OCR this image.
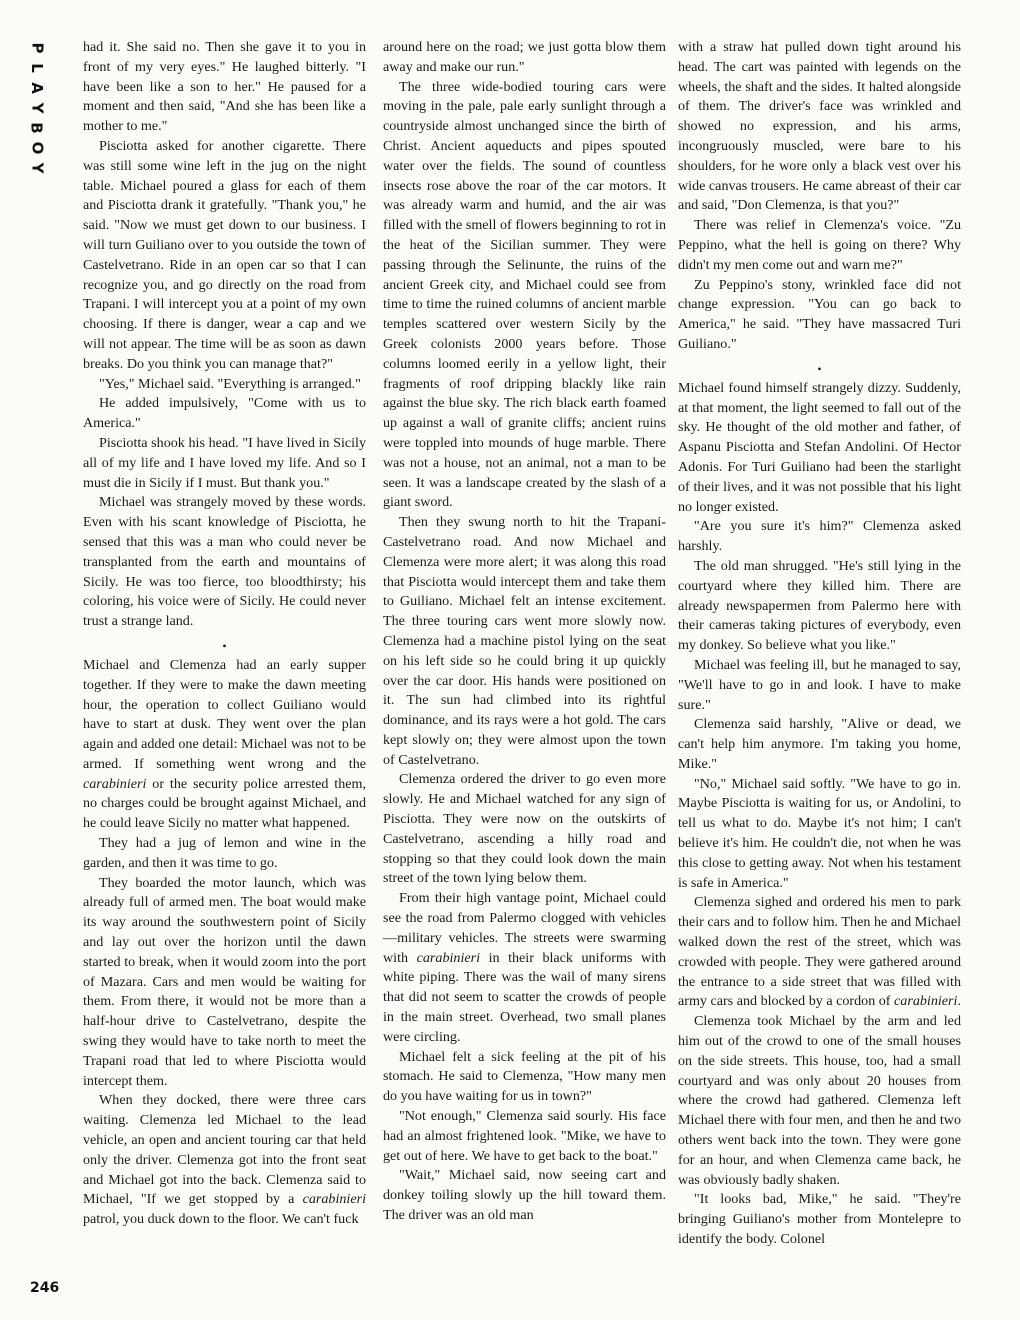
P
L
A
Y
B
O
Y
246

had it. She said no. Then she gave it to you in front of my very eyes." He laughed bitterly. "I have been like a son to her." He paused for a moment and then said, "And she has been like a mother to me."

Pisciotta asked for another cigarette. There was still some wine left in the jug on the night table. Michael poured a glass for each of them and Pisciotta drank it gratefully. "Thank you," he said. "Now we must get down to our business. I will turn Guiliano over to you outside the town of Castelvetrano. Ride in an open car so that I can recognize you, and go directly on the road from Trapani. I will intercept you at a point of my own choosing. If there is danger, wear a cap and we will not appear. The time will be as soon as dawn breaks. Do you think you can manage that?"

"Yes," Michael said. "Everything is arranged."

He added impulsively, "Come with us to America."

Pisciotta shook his head. "I have lived in Sicily all of my life and I have loved my life. And so I must die in Sicily if I must. But thank you."

Michael was strangely moved by these words. Even with his scant knowledge of Pisciotta, he sensed that this was a man who could never be transplanted from the earth and mountains of Sicily. He was too fierce, too bloodthirsty; his coloring, his voice were of Sicily. He could never trust a strange land.

•

Michael and Clemenza had an early supper together. If they were to make the dawn meeting hour, the operation to collect Guiliano would have to start at dusk. They went over the plan again and added one detail: Michael was not to be armed. If something went wrong and the carabinieri or the security police arrested them, no charges could be brought against Michael, and he could leave Sicily no matter what happened.

They had a jug of lemon and wine in the garden, and then it was time to go.

They boarded the motor launch, which was already full of armed men. The boat would make its way around the southwestern point of Sicily and lay out over the horizon until the dawn started to break, when it would zoom into the port of Mazara. Cars and men would be waiting for them. From there, it would not be more than a half-hour drive to Castelvetrano, despite the swing they would have to take north to meet the Trapani road that led to where Pisciotta would intercept them.

When they docked, there were three cars waiting. Clemenza led Michael to the lead vehicle, an open and ancient touring car that held only the driver. Clemenza got into the front seat and Michael got into the back. Clemenza said to Michael, "If we get stopped by a carabinieri patrol, you duck down to the floor. We can't fuck

around here on the road; we just gotta blow them away and make our run."

The three wide-bodied touring cars were moving in the pale, pale early sunlight through a countryside almost unchanged since the birth of Christ. Ancient aqueducts and pipes spouted water over the fields. The sound of countless insects rose above the roar of the car motors. It was already warm and humid, and the air was filled with the smell of flowers beginning to rot in the heat of the Sicilian summer. They were passing through the Selinunte, the ruins of the ancient Greek city, and Michael could see from time to time the ruined columns of ancient marble temples scattered over western Sicily by the Greek colonists 2000 years before. Those columns loomed eerily in a yellow light, their fragments of roof dripping blackly like rain against the blue sky. The rich black earth foamed up against a wall of granite cliffs; ancient ruins were toppled into mounds of huge marble. There was not a house, not an animal, not a man to be seen. It was a landscape created by the slash of a giant sword.

Then they swung north to hit the Trapani-Castelvetrano road. And now Michael and Clemenza were more alert; it was along this road that Pisciotta would intercept them and take them to Guiliano. Michael felt an intense excitement. The three touring cars went more slowly now. Clemenza had a machine pistol lying on the seat on his left side so he could bring it up quickly over the car door. His hands were positioned on it. The sun had climbed into its rightful dominance, and its rays were a hot gold. The cars kept slowly on; they were almost upon the town of Castelvetrano.

Clemenza ordered the driver to go even more slowly. He and Michael watched for any sign of Pisciotta. They were now on the outskirts of Castelvetrano, ascending a hilly road and stopping so that they could look down the main street of the town lying below them.

From their high vantage point, Michael could see the road from Palermo clogged with vehicles—military vehicles. The streets were swarming with carabinieri in their black uniforms with white piping. There was the wail of many sirens that did not seem to scatter the crowds of people in the main street. Overhead, two small planes were circling.

Michael felt a sick feeling at the pit of his stomach. He said to Clemenza, "How many men do you have waiting for us in town?"

"Not enough," Clemenza said sourly. His face had an almost frightened look. "Mike, we have to get out of here. We have to get back to the boat."

"Wait," Michael said, now seeing cart and donkey toiling slowly up the hill toward them. The driver was an old man

with a straw hat pulled down tight around his head. The cart was painted with legends on the wheels, the shaft and the sides. It halted alongside of them. The driver's face was wrinkled and showed no expression, and his arms, incongruously muscled, were bare to his shoulders, for he wore only a black vest over his wide canvas trousers. He came abreast of their car and said, "Don Clemenza, is that you?"

There was relief in Clemenza's voice. "Zu Peppino, what the hell is going on there? Why didn't my men come out and warn me?"

Zu Peppino's stony, wrinkled face did not change expression. "You can go back to America," he said. "They have massacred Turi Guiliano."

•

Michael found himself strangely dizzy. Suddenly, at that moment, the light seemed to fall out of the sky. He thought of the old mother and father, of Aspanu Pisciotta and Stefan Andolini. Of Hector Adonis. For Turi Guiliano had been the starlight of their lives, and it was not possible that his light no longer existed.

"Are you sure it's him?" Clemenza asked harshly.

The old man shrugged. "He's still lying in the courtyard where they killed him. There are already newspapermen from Palermo here with their cameras taking pictures of everybody, even my donkey. So believe what you like."

Michael was feeling ill, but he managed to say, "We'll have to go in and look. I have to make sure."

Clemenza said harshly, "Alive or dead, we can't help him anymore. I'm taking you home, Mike."

"No," Michael said softly. "We have to go in. Maybe Pisciotta is waiting for us, or Andolini, to tell us what to do. Maybe it's not him; I can't believe it's him. He couldn't die, not when he was this close to getting away. Not when his testament is safe in America."

Clemenza sighed and ordered his men to park their cars and to follow him. Then he and Michael walked down the rest of the street, which was crowded with people. They were gathered around the entrance to a side street that was filled with army cars and blocked by a cordon of carabinieri.

Clemenza took Michael by the arm and led him out of the crowd to one of the small houses on the side streets. This house, too, had a small courtyard and was only about 20 houses from where the crowd had gathered. Clemenza left Michael there with four men, and then he and two others went back into the town. They were gone for an hour, and when Clemenza came back, he was obviously badly shaken.

"It looks bad, Mike," he said. "They're bringing Guiliano's mother from Montelepre to identify the body. Colonel
